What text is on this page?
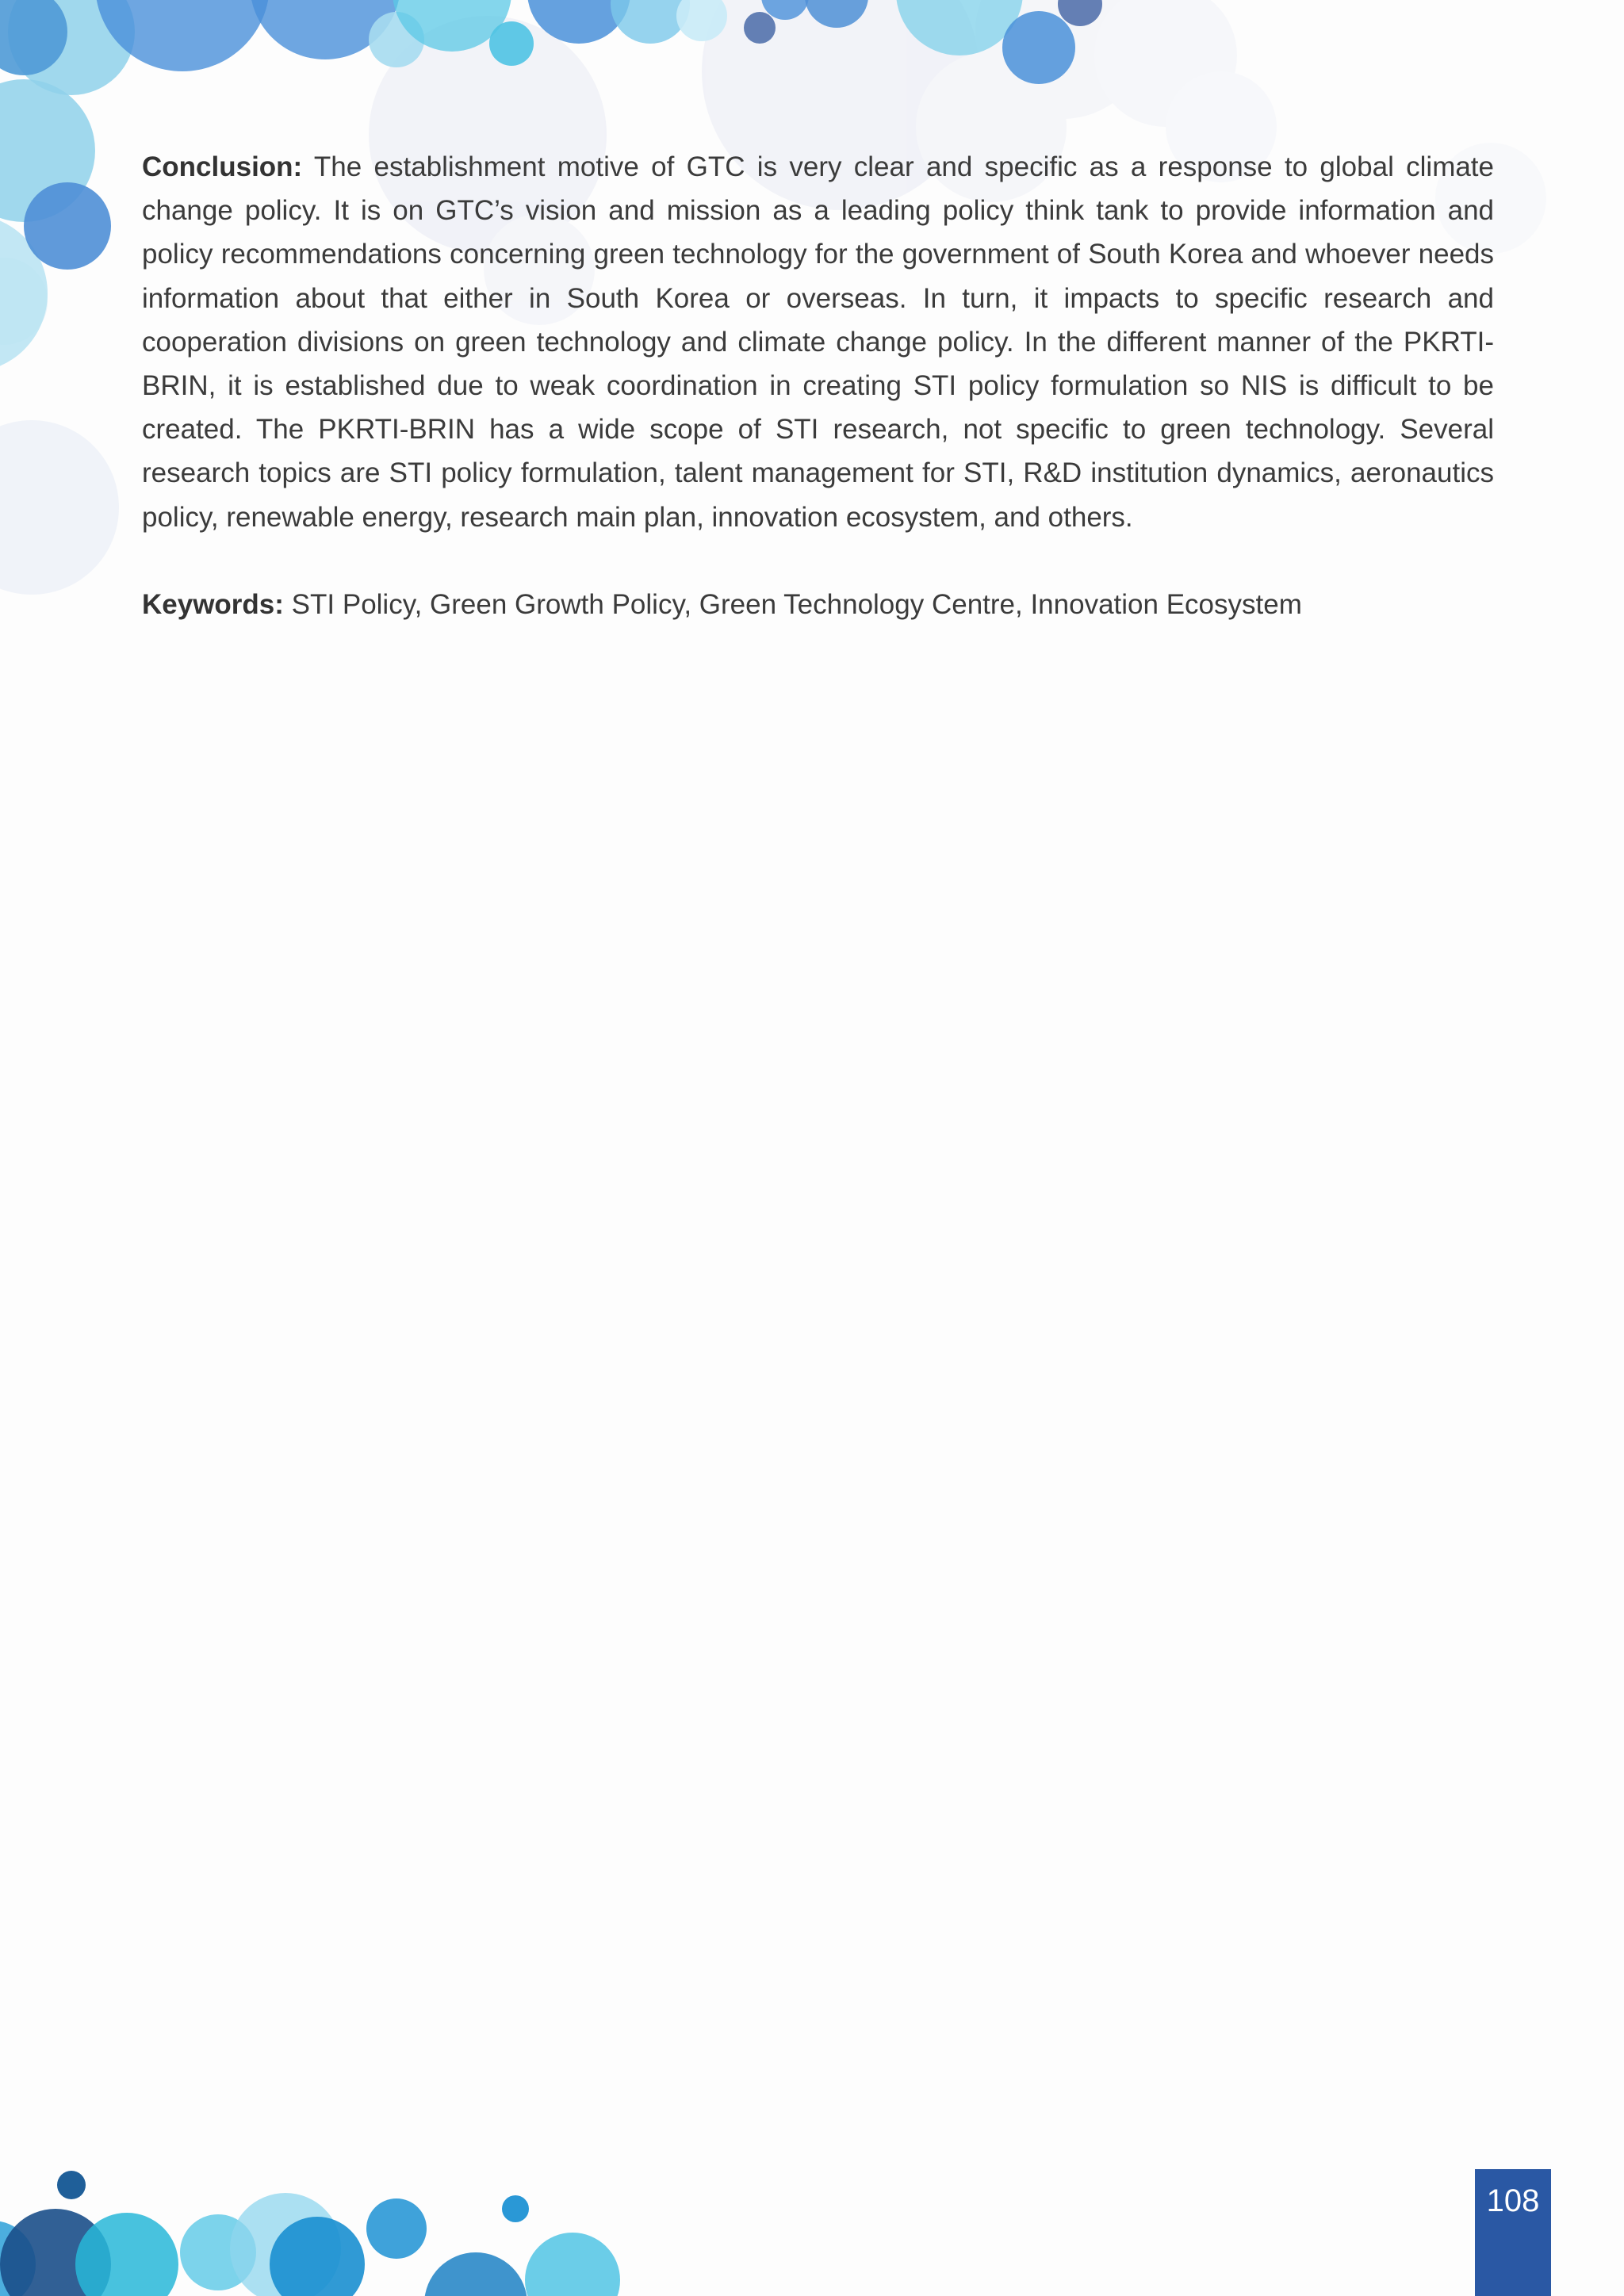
Conclusion: The establishment motive of GTC is very clear and specific as a response to global climate change policy. It is on GTC’s vision and mission as a leading policy think tank to provide information and policy recommendations concerning green technology for the government of South Korea and whoever needs information about that either in South Korea or overseas. In turn, it impacts to specific research and cooperation divisions on green technology and climate change policy. In the different manner of the PKRTI-BRIN, it is established due to weak coordination in creating STI policy formulation so NIS is difficult to be created. The PKRTI-BRIN has a wide scope of STI research, not specific to green technology. Several research topics are STI policy formulation, talent management for STI, R&D institution dynamics, aeronautics policy, renewable energy, research main plan, innovation ecosystem, and others.

Keywords: STI Policy, Green Growth Policy, Green Technology Centre, Innovation Ecosystem

108
